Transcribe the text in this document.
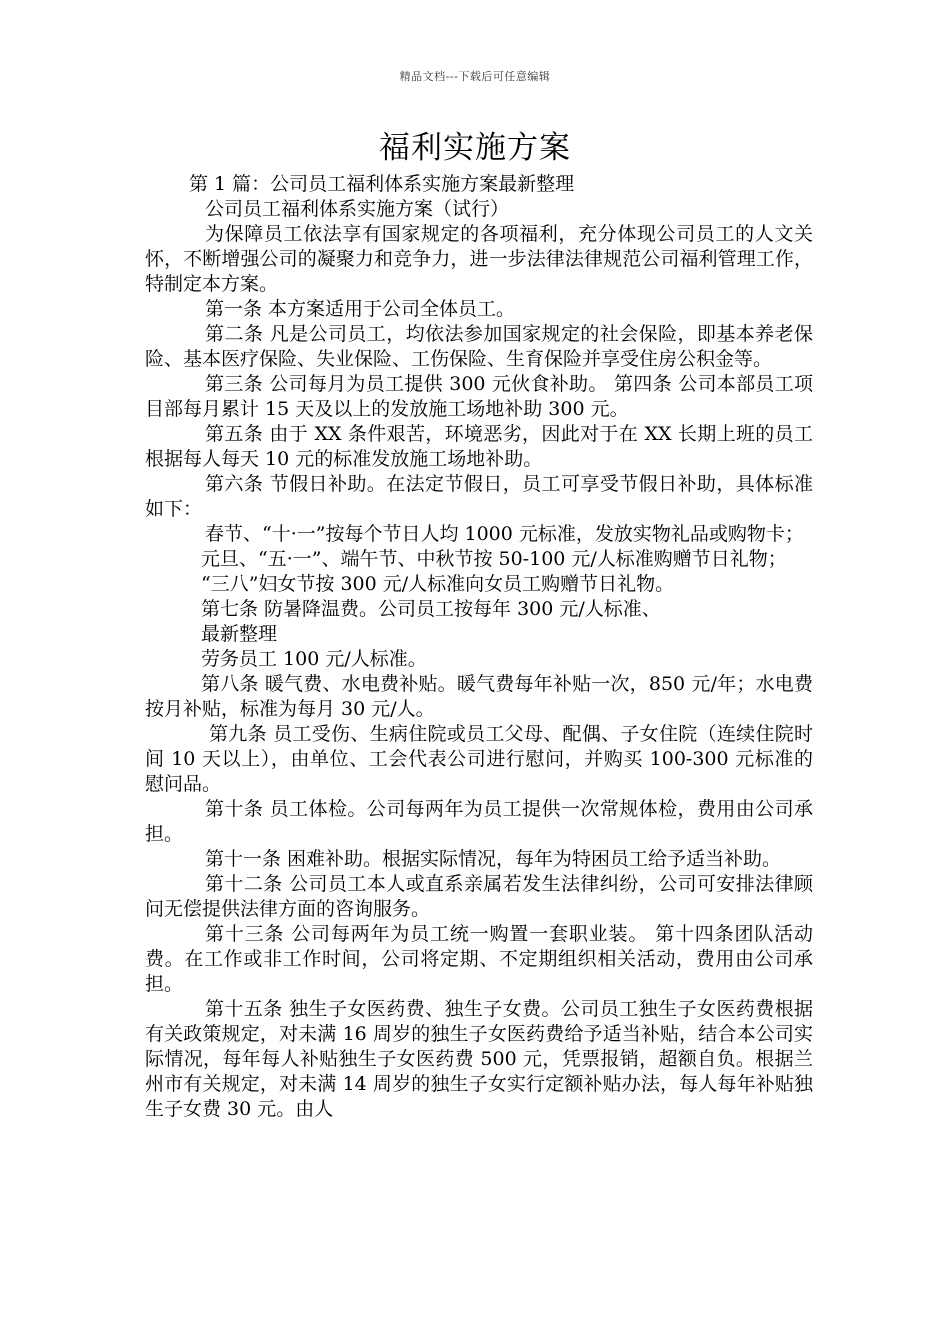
精品文档---下载后可任意编辑
福利实施方案

第 1 篇：公司员工福利体系实施方案最新整理

公司员工福利体系实施方案（试行）

为保障员工依法享有国家规定的各项福利，充分体现公司员工的人文关怀，不断增强公司的凝聚力和竞争力，进一步法律法律规范公司福利管理工作，特制定本方案。

第一条 本方案适用于公司全体员工。

第二条 凡是公司员工，均依法参加国家规定的社会保险，即基本养老保险、基本医疗保险、失业保险、工伤保险、生育保险并享受住房公积金等。

第三条 公司每月为员工提供 300 元伙食补助。 第四条 公司本部员工项目部每月累计 15 天及以上的发放施工场地补助 300 元。

第五条 由于 XX 条件艰苦，环境恶劣，因此对于在 XX 长期上班的员工根据每人每天 10 元的标准发放施工场地补助。

第六条 节假日补助。在法定节假日，员工可享受节假日补助，具体标准如下：

春节、“十·一”按每个节日人均 1000 元标准，发放实物礼品或购物卡；

元旦、“五·一”、端午节、中秋节按 50-100 元/人标准购赠节日礼物；

“三八”妇女节按 300 元/人标准向女员工购赠节日礼物。

第七条 防暑降温费。公司员工按每年 300 元/人标准、

最新整理

劳务员工 100 元/人标准。

第八条 暖气费、水电费补贴。暖气费每年补贴一次，850 元/年；水电费按月补贴，标准为每月 30 元/人。

第九条 员工受伤、生病住院或员工父母、配偶、子女住院（连续住院时间 10 天以上），由单位、工会代表公司进行慰问，并购买 100-300 元标准的慰问品。

第十条 员工体检。公司每两年为员工提供一次常规体检，费用由公司承担。

第十一条 困难补助。根据实际情况，每年为特困员工给予适当补助。

第十二条 公司员工本人或直系亲属若发生法律纠纷，公司可安排法律顾问无偿提供法律方面的咨询服务。

第十三条 公司每两年为员工统一购置一套职业装。 第十四条团队活动费。在工作或非工作时间，公司将定期、不定期组织相关活动，费用由公司承担。

第十五条 独生子女医药费、独生子女费。公司员工独生子女医药费根据有关政策规定，对未满 16 周岁的独生子女医药费给予适当补贴，结合本公司实际情况，每年每人补贴独生子女医药费 500 元，凭票报销，超额自负。根据兰州市有关规定，对未满 14 周岁的独生子女实行定额补贴办法，每人每年补贴独生子女费 30 元。由人
